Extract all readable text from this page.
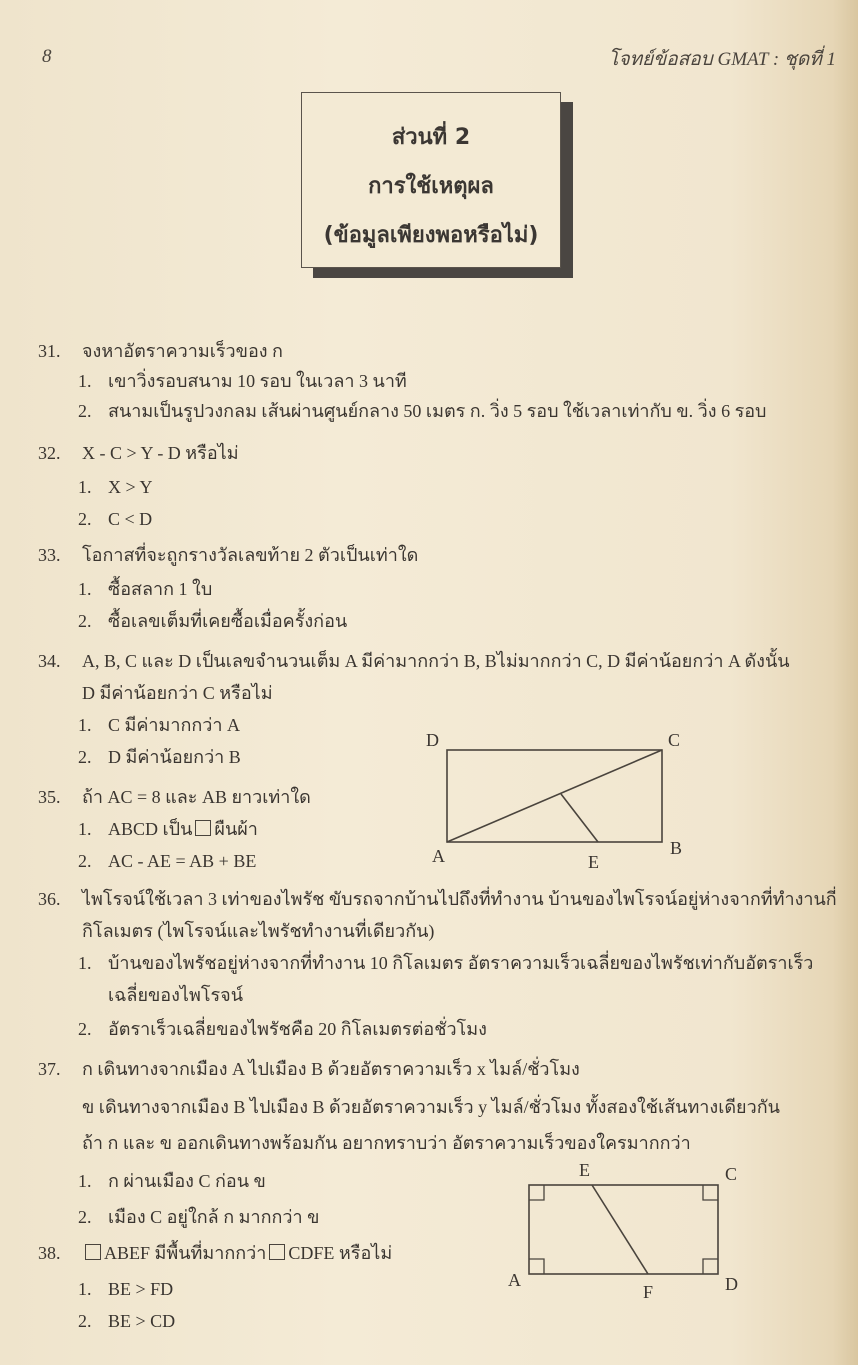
8	โจทย์ข้อสอบ GMAT : ชุดที่ 1
ส่วนที่ 2
การใช้เหตุผล
(ข้อมูลเพียงพอหรือไม่)
31. จงหาอัตราความเร็วของ ก
1. เขาวิ่งรอบสนาม 10 รอบ ในเวลา 3 นาที
2. สนามเป็นรูปวงกลม เส้นผ่านศูนย์กลาง 50 เมตร ก. วิ่ง 5 รอบ ใช้เวลาเท่ากับ ข. วิ่ง 6 รอบ
32. X - C > Y - D หรือไม่
1. X > Y
2. C < D
33. โอกาสที่จะถูกรางวัลเลขท้าย 2 ตัวเป็นเท่าใด
1. ซื้อสลาก 1 ใบ
2. ซื้อเลขเต็มที่เคยซื้อเมื่อครั้งก่อน
34. A, B, C และ D เป็นเลขจำนวนเต็ม A มีค่ามากกว่า B, Bไม่มากกว่า C, D มีค่าน้อยกว่า A ดังนั้น
D มีค่าน้อยกว่า C หรือไม่
1. C มีค่ามากกว่า A
2. D มีค่าน้อยกว่า B
35. ถ้า AC = 8 และ AB ยาวเท่าใด
1. ABCD เป็น ผืนผ้า
2. AC - AE = AB + BE
D	C
A	B
E
E	C
A
F	D
36. ไพโรจน์ใช้เวลา 3 เท่าของไพรัช ขับรถจากบ้านไปถึงที่ทำงาน บ้านของไพโรจน์อยู่ห่างจากที่ทำงานกี่
กิโลเมตร (ไพโรจน์และไพรัชทำงานที่เดียวกัน)
1. บ้านของไพรัชอยู่ห่างจากที่ทำงาน 10 กิโลเมตร อัตราความเร็วเฉลี่ยของไพรัชเท่ากับอัตราเร็ว
เฉลี่ยของไพโรจน์
2. อัตราเร็วเฉลี่ยของไพรัชคือ 20 กิโลเมตรต่อชั่วโมง
37. ก เดินทางจากเมือง A ไปเมือง B ด้วยอัตราความเร็ว x ไมล์/ชั่วโมง
ข เดินทางจากเมือง B ไปเมือง B ด้วยอัตราความเร็ว y ไมล์/ชั่วโมง ทั้งสองใช้เส้นทางเดียวกัน
ถ้า ก และ ข ออกเดินทางพร้อมกัน อยากทราบว่า อัตราความเร็วของใครมากกว่า
1. ก ผ่านเมือง C ก่อน ข
2. เมือง C อยู่ใกล้ ก มากกว่า ข
38. ABEF มีพื้นที่มากกว่า CDFE หรือไม่
1. BE > FD
2. BE > CD
